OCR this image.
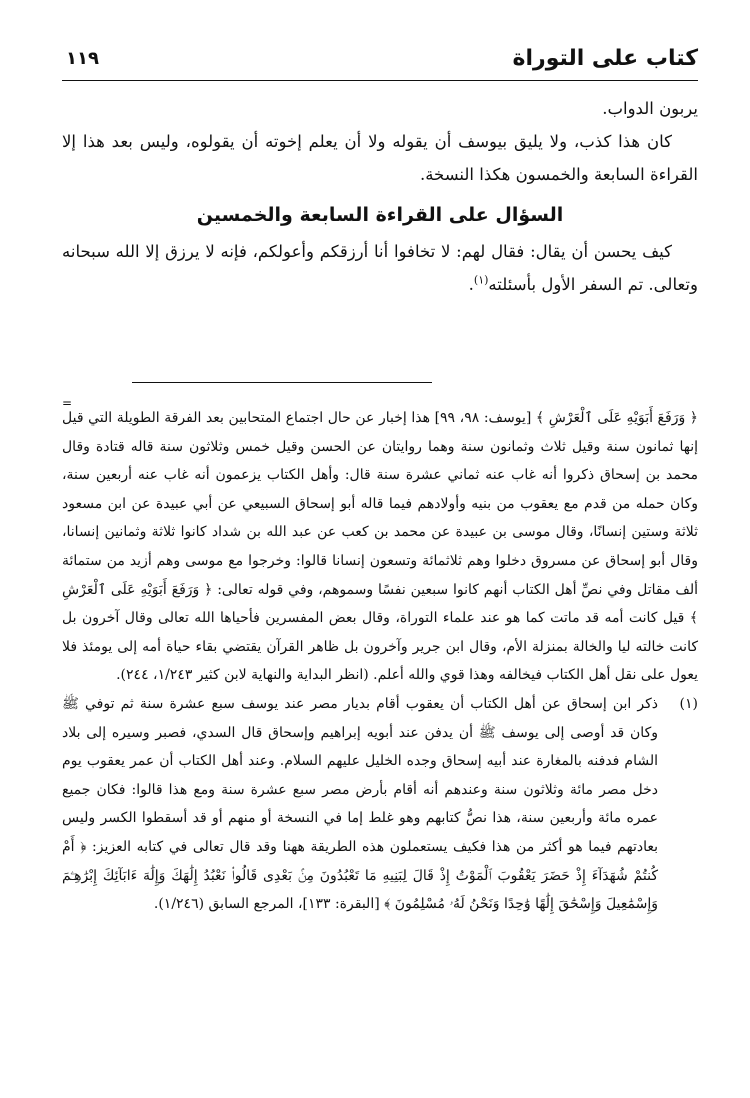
كتاب على التوراة
١١٩

يربون الدواب.

كان هذا كذب، ولا يليق بيوسف أن يقوله ولا أن يعلم إخوته أن يقولوه، وليس بعد هذا إلا القراءة السابعة والخمسون هكذا النسخة.

السؤال على القراءة السابعة والخمسين

كيف يحسن أن يقال: فقال لهم: لا تخافوا أنا أرزقكم وأعولكم، فإنه لا يرزق إلا الله سبحانه وتعالى. تم السفر الأول بأسئلته$^{(١)}$.

=

﴿ وَرَفَعَ أَبَوَيْهِ عَلَى ٱلْعَرْشِ ﴾ [يوسف: ٩٨، ٩٩] هذا إخبار عن حال اجتماع المتحابين بعد الفرقة الطويلة التي قيل إنها ثمانون سنة وقيل ثلاث وثمانون سنة وهما روايتان عن الحسن وقيل خمس وثلاثون سنة قاله قتادة وقال محمد بن إسحاق ذكروا أنه غاب عنه ثماني عشرة سنة قال: وأهل الكتاب يزعمون أنه غاب عنه أربعين سنة، وكان حمله من قدم مع يعقوب من بنيه وأولادهم فيما قاله أبو إسحاق السبيعي عن أبي عبيدة عن ابن مسعود ثلاثة وستين إنسانًا، وقال موسى بن عبيدة عن محمد بن كعب عن عبد الله بن شداد كانوا ثلاثة وثمانين إنسانا، وقال أبو إسحاق عن مسروق دخلوا وهم ثلاثمائة وتسعون إنسانا قالوا: وخرجوا مع موسى وهم أزيد من ستمائة ألف مقاتل وفي نصِّ أهل الكتاب أنهم كانوا سبعين نفسًا وسموهم، وفي قوله تعالى: ﴿ وَرَفَعَ أَبَوَيْهِ عَلَى ٱلْعَرْشِ ﴾ قيل كانت أمه قد ماتت كما هو عند علماء التوراة، وقال بعض المفسرين فأحياها الله تعالى وقال آخرون بل كانت خالته ليا والخالة بمنزلة الأم، وقال ابن جرير وآخرون بل ظاهر القرآن يقتضي بقاء حياة أمه إلى يومئذ فلا يعول على نقل أهل الكتاب فيخالفه وهذا قوي والله أعلم. (انظر البداية والنهاية لابن كثير ١/٢٤٣، ٢٤٤).

(١)

ذكر ابن إسحاق عن أهل الكتاب أن يعقوب أقام بديار مصر عند يوسف سبع عشرة سنة ثم توفي ﷺ وكان قد أوصى إلى يوسف ﷺ أن يدفن عند أبويه إبراهيم وإسحاق قال السدي، فصبر وسيره إلى بلاد الشام فدفنه بالمغارة عند أبيه إسحاق وجده الخليل عليهم السلام. وعند أهل الكتاب أن عمر يعقوب يوم دخل مصر مائة وثلاثون سنة وعندهم أنه أقام بأرض مصر سبع عشرة سنة ومع هذا قالوا: فكان جميع عمره مائة وأربعين سنة، هذا نصُّ كتابهم وهو غلط إما في النسخة أو منهم أو قد أسقطوا الكسر وليس بعادتهم فيما هو أكثر من هذا فكيف يستعملون هذه الطريقة ههنا وقد قال تعالى في كتابه العزيز: ﴿ أَمْ كُنتُمْ شُهَدَآءَ إِذْ حَضَرَ يَعْقُوبَ ٱلْمَوْتُ إِذْ قَالَ لِبَنِيهِ مَا تَعْبُدُونَ مِنۢ بَعْدِى قَالُوا۟ نَعْبُدُ إِلَٰهَكَ وَإِلَٰهَ ءَابَآئِكَ إِبْرَٰهِـۧمَ وَإِسْمَٰعِيلَ وَإِسْحَٰقَ إِلَٰهًا وَٰحِدًا وَنَحْنُ لَهُۥ مُسْلِمُونَ ﴾ [البقرة: ١٣٣]، المرجع السابق (١/٢٤٦).
